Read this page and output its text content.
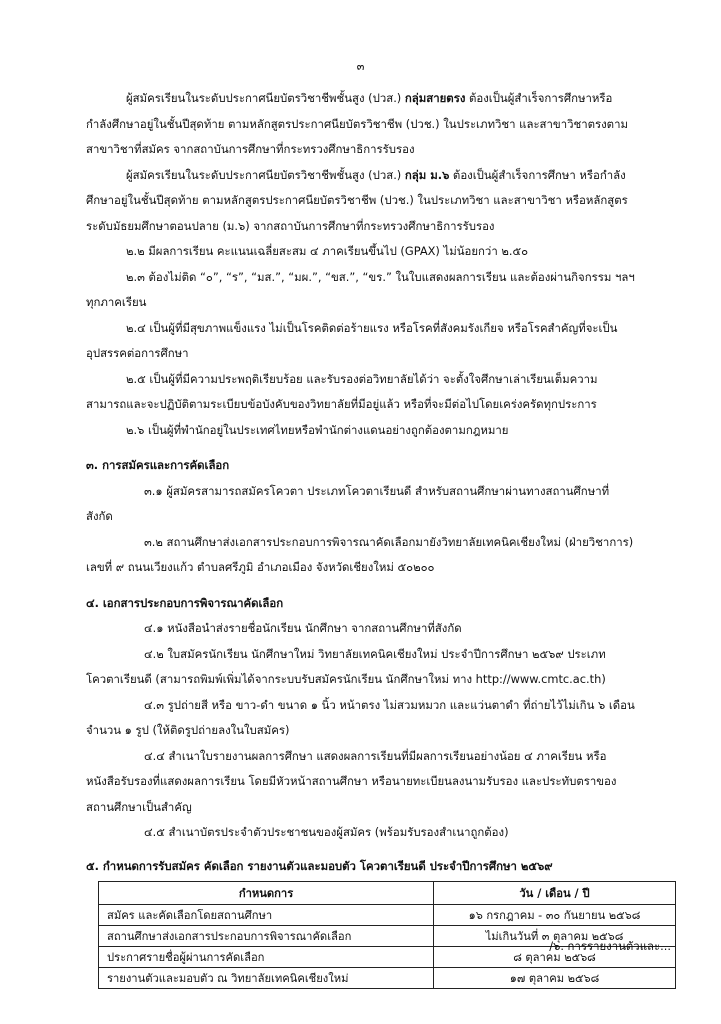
๓

ผู้สมัครเรียนในระดับประกาศนียบัตรวิชาชีพชั้นสูง (ปวส.) กลุ่มสายตรง ต้องเป็นผู้สำเร็จการศึกษาหรือกำลังศึกษาอยู่ในชั้นปีสุดท้าย ตามหลักสูตรประกาศนียบัตรวิชาชีพ (ปวช.) ในประเภทวิชา และสาขาวิชาตรงตามสาขาวิชาที่สมัคร จากสถาบันการศึกษาที่กระทรวงศึกษาธิการรับรอง

ผู้สมัครเรียนในระดับประกาศนียบัตรวิชาชีพชั้นสูง (ปวส.) กลุ่ม ม.๖ ต้องเป็นผู้สำเร็จการศึกษา หรือกำลังศึกษาอยู่ในชั้นปีสุดท้าย ตามหลักสูตรประกาศนียบัตรวิชาชีพ (ปวช.) ในประเภทวิชา และสาขาวิชา หรือหลักสูตรระดับมัธยมศึกษาตอนปลาย (ม.๖) จากสถาบันการศึกษาที่กระทรวงศึกษาธิการรับรอง

๒.๒ มีผลการเรียน คะแนนเฉลี่ยสะสม ๔ ภาคเรียนขึ้นไป (GPAX) ไม่น้อยกว่า ๒.๕๐

๒.๓ ต้องไม่ติด “๐”, “ร”, “มส.”, “มผ.”, “ขส.”, “ขร.” ในใบแสดงผลการเรียน และต้องผ่านกิจกรรม ฯลฯ ทุกภาคเรียน

๒.๔ เป็นผู้ที่มีสุขภาพแข็งแรง ไม่เป็นโรคติดต่อร้ายแรง หรือโรคที่สังคมรังเกียจ หรือโรคสำคัญที่จะเป็นอุปสรรคต่อการศึกษา

๒.๕ เป็นผู้ที่มีความประพฤติเรียบร้อย และรับรองต่อวิทยาลัยได้ว่า จะตั้งใจศึกษาเล่าเรียนเต็มความสามารถและจะปฏิบัติตามระเบียบข้อบังคับของวิทยาลัยที่มีอยู่แล้ว หรือที่จะมีต่อไปโดยเคร่งครัดทุกประการ

๒.๖ เป็นผู้ที่พำนักอยู่ในประเทศไทยหรือพำนักต่างแดนอย่างถูกต้องตามกฎหมาย

๓. การสมัครและการคัดเลือก

๓.๑ ผู้สมัครสามารถสมัครโควตา ประเภทโควตาเรียนดี สำหรับสถานศึกษาผ่านทางสถานศึกษาที่สังกัด

๓.๒ สถานศึกษาส่งเอกสารประกอบการพิจารณาคัดเลือกมายังวิทยาลัยเทคนิคเชียงใหม่ (ฝ่ายวิชาการ) เลขที่ ๙ ถนนเวียงแก้ว ตำบลศรีภูมิ อำเภอเมือง จังหวัดเชียงใหม่ ๕๐๒๐๐

๔. เอกสารประกอบการพิจารณาคัดเลือก

๔.๑ หนังสือนำส่งรายชื่อนักเรียน นักศึกษา จากสถานศึกษาที่สังกัด

๔.๒ ใบสมัครนักเรียน นักศึกษาใหม่ วิทยาลัยเทคนิคเชียงใหม่ ประจำปีการศึกษา ๒๕๖๙ ประเภทโควตาเรียนดี (สามารถพิมพ์เพิ่มได้จากระบบรับสมัครนักเรียน นักศึกษาใหม่ ทาง http://www.cmtc.ac.th)

๔.๓ รูปถ่ายสี หรือ ขาว-ดำ ขนาด ๑ นิ้ว หน้าตรง ไม่สวมหมวก และแว่นตาดำ ที่ถ่ายไว้ไม่เกิน ๖ เดือน จำนวน ๑ รูป (ให้ติดรูปถ่ายลงในใบสมัคร)

๔.๔ สำเนาใบรายงานผลการศึกษา แสดงผลการเรียนที่มีผลการเรียนอย่างน้อย ๔ ภาคเรียน หรือหนังสือรับรองที่แสดงผลการเรียน โดยมีหัวหน้าสถานศึกษา หรือนายทะเบียนลงนามรับรอง และประทับตราของสถานศึกษาเป็นสำคัญ

๔.๕ สำเนาบัตรประจำตัวประชาชนของผู้สมัคร (พร้อมรับรองสำเนาถูกต้อง)

๕. กำหนดการรับสมัคร คัดเลือก รายงานตัวและมอบตัว โควตาเรียนดี ประจำปีการศึกษา ๒๕๖๙

กำหนดการ	วัน / เดือน / ปี
สมัคร และคัดเลือกโดยสถานศึกษา	๑๖ กรกฎาคม - ๓๐ กันยายน ๒๕๖๘
สถานศึกษาส่งเอกสารประกอบการพิจารณาคัดเลือก	ไม่เกินวันที่ ๓ ตุลาคม ๒๕๖๘
ประกาศรายชื่อผู้ผ่านการคัดเลือก	๘ ตุลาคม ๒๕๖๘
รายงานตัวและมอบตัว ณ วิทยาลัยเทคนิคเชียงใหม่	๑๗ ตุลาคม ๒๕๖๘
/๖. การรายงานตัวและ...
